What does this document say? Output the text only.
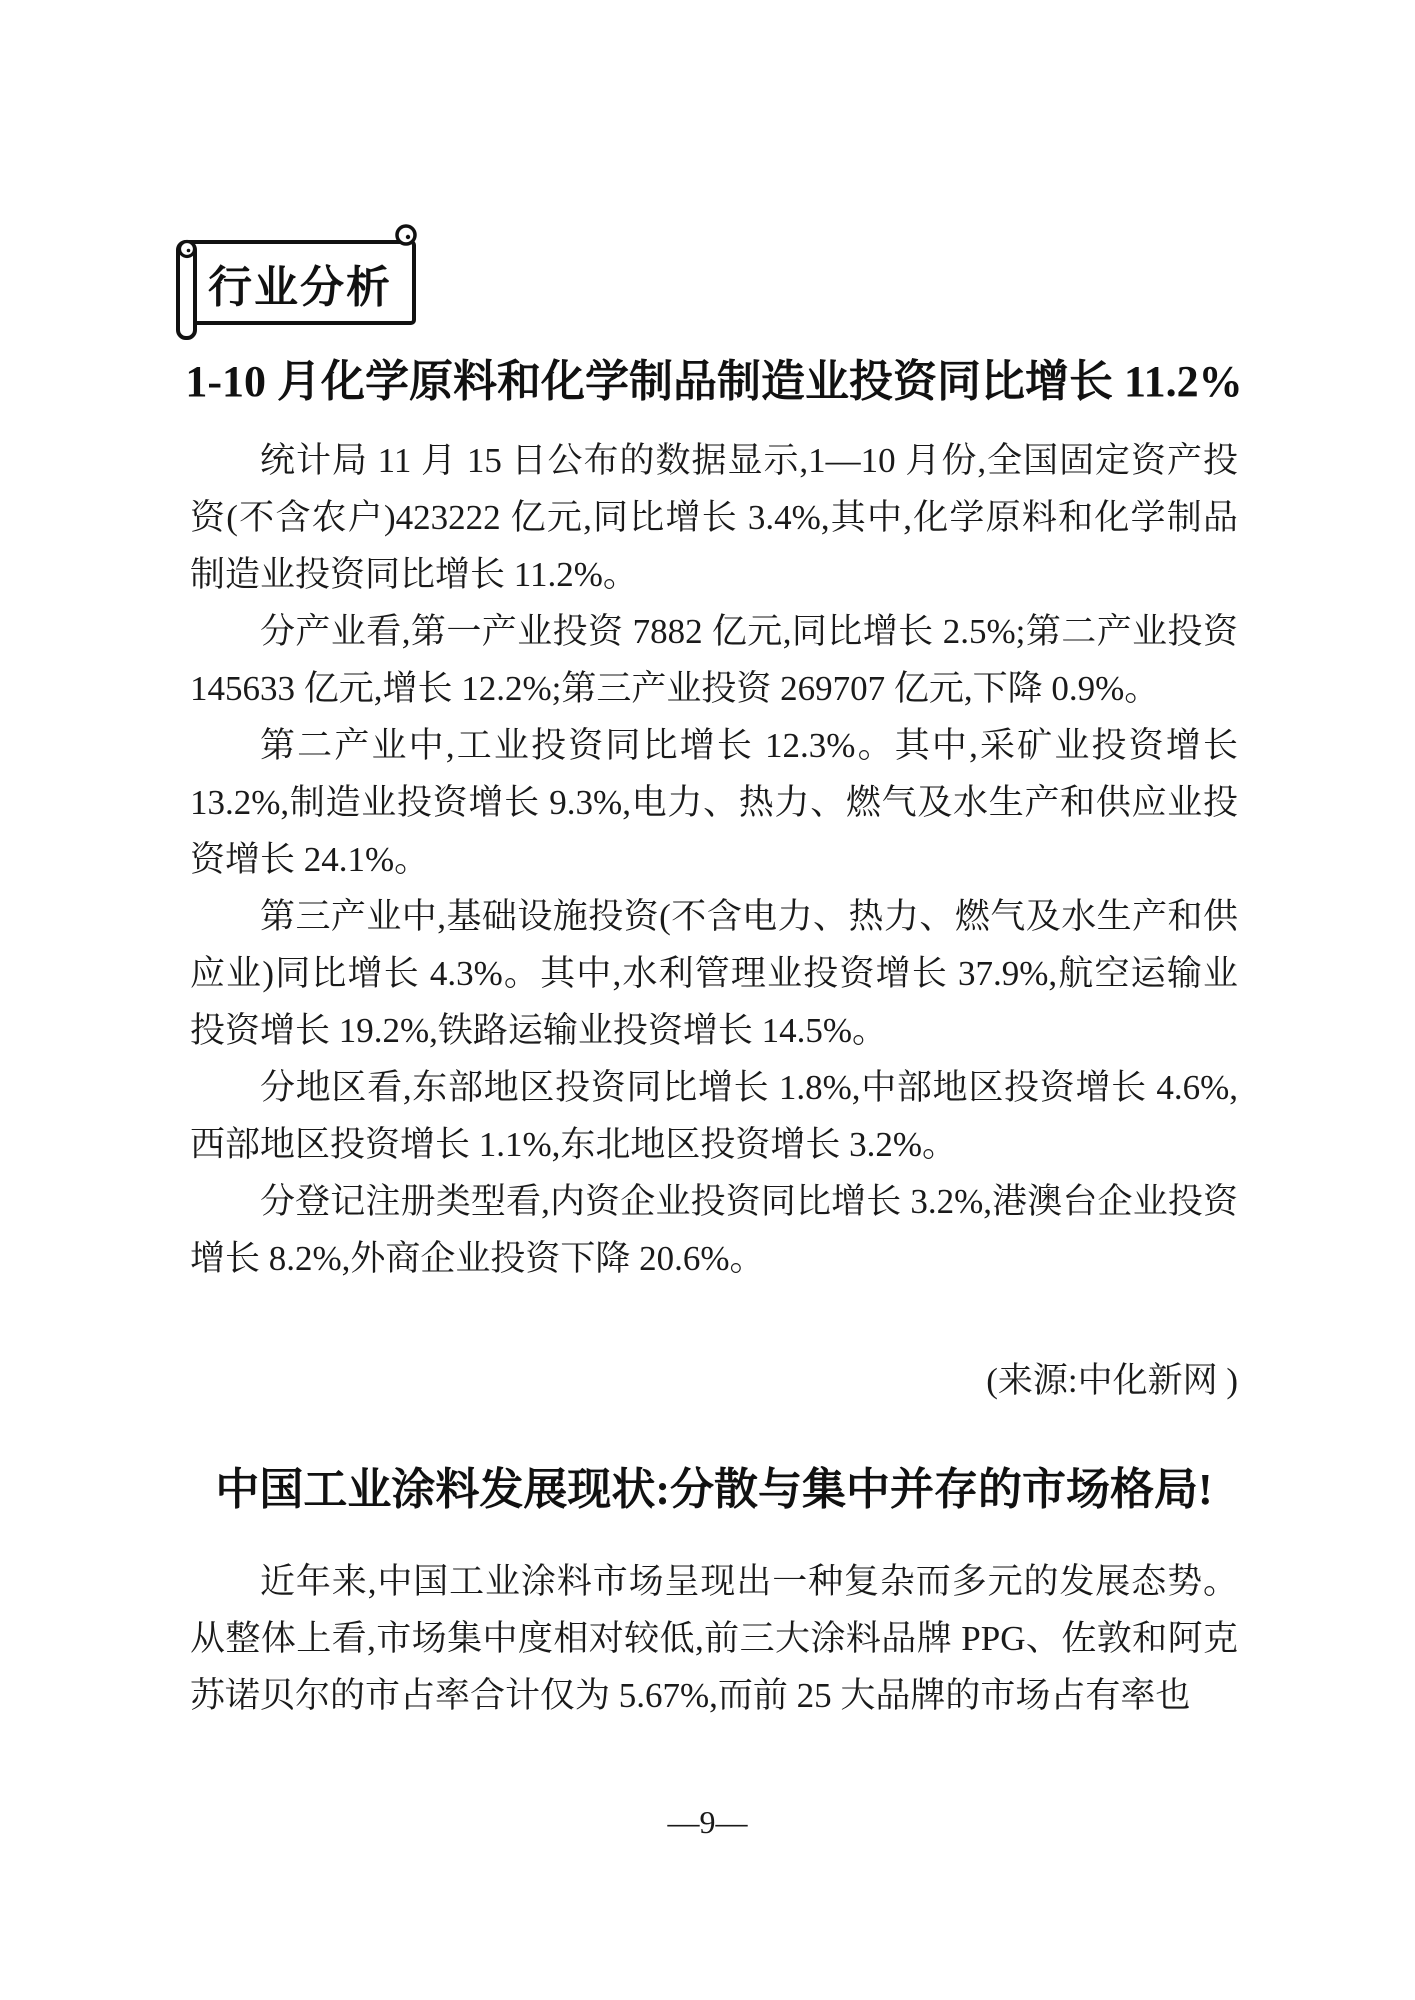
行业分析
1-10 月化学原料和化学制品制造业投资同比增长 11.2%

统计局 11 月 15 日公布的数据显示,1—10 月份,全国固定资产投资(不含农户)423222 亿元,同比增长 3.4%,其中,化学原料和化学制品制造业投资同比增长 11.2%。

分产业看,第一产业投资 7882 亿元,同比增长 2.5%;第二产业投资 145633 亿元,增长 12.2%;第三产业投资 269707 亿元,下降 0.9%。

第二产业中,工业投资同比增长 12.3%。其中,采矿业投资增长 13.2%,制造业投资增长 9.3%,电力、热力、燃气及水生产和供应业投资增长 24.1%。

第三产业中,基础设施投资(不含电力、热力、燃气及水生产和供应业)同比增长 4.3%。其中,水利管理业投资增长 37.9%,航空运输业投资增长 19.2%,铁路运输业投资增长 14.5%。

分地区看,东部地区投资同比增长 1.8%,中部地区投资增长 4.6%,西部地区投资增长 1.1%,东北地区投资增长 3.2%。

分登记注册类型看,内资企业投资同比增长 3.2%,港澳台企业投资增长 8.2%,外商企业投资下降 20.6%。

(来源:中化新网 )
中国工业涂料发展现状:分散与集中并存的市场格局!

近年来,中国工业涂料市场呈现出一种复杂而多元的发展态势。从整体上看,市场集中度相对较低,前三大涂料品牌 PPG、佐敦和阿克苏诺贝尔的市占率合计仅为 5.67%,而前 25 大品牌的市场占有率也

—9—
